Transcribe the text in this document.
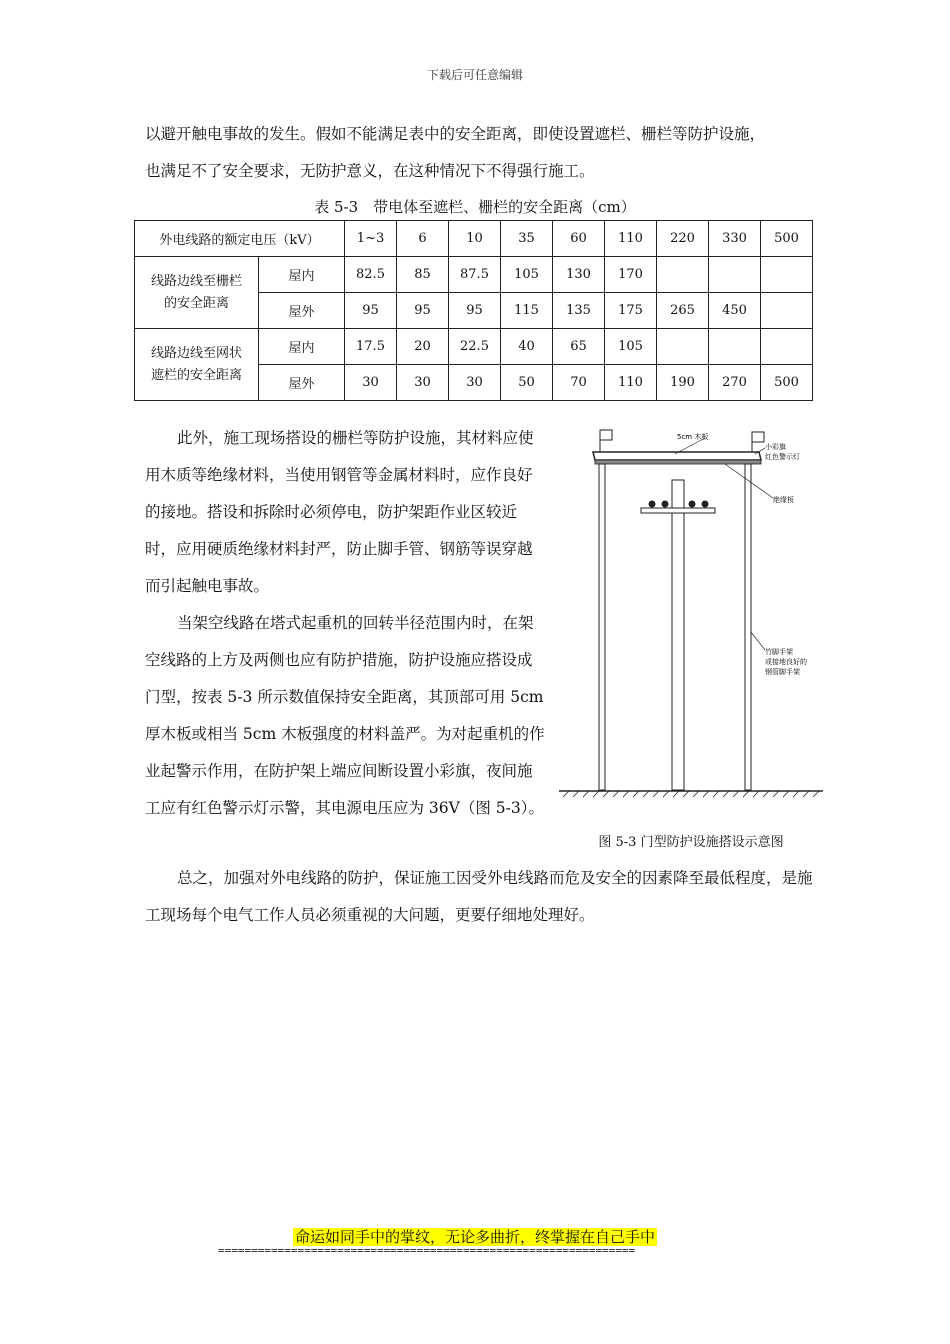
下载后可任意编辑

以避开触电事故的发生。假如不能满足表中的安全距离，即使设置遮栏、栅栏等防护设施，

也满足不了安全要求，无防护意义，在这种情况下不得强行施工。

表 5-3　带电体至遮栏、栅栏的安全距离（cm）
外电线路的额定电压（kV）		1~3	6	10	35	60	110	220	330	500
线路边线至栅栏的安全距离	屋内	82.5	85	87.5	105	130	170			
	屋外	95	95	95	115	135	175	265	450	
线路边线至网状遮栏的安全距离	屋内	17.5	20	22.5	40	65	105			
	屋外	30	30	30	50	70	110	190	270	500

此外，施工现场搭设的栅栏等防护设施，其材料应使用木质等绝缘材料，当使用钢管等金属材料时，应作良好的接地。搭设和拆除时必须停电，防护架距作业区较近时，应用硬质绝缘材料封严，防止脚手管、钢筋等误穿越而引起触电事故。

当架空线路在塔式起重机的回转半径范围内时，在架空线路的上方及两侧也应有防护措施，防护设施应搭设成门型，按表 5-3 所示数值保持安全距离，其顶部可用 5cm 厚木板或相当 5cm 木板强度的材料盖严。为对起重机的作业起警示作用，在防护架上端应间断设置小彩旗，夜间施工应有红色警示灯示警，其电源电压应为 36V（图 5-3）。

5cm 木板
小彩旗
红色警示灯
绝缘板
竹脚手架
或接地良好的
钢管脚手架
图 5-3 门型防护设施搭设示意图

总之，加强对外电线路的防护，保证施工因受外电线路而危及安全的因素降至最低程度，是施工现场每个电气工作人员必须重视的大问题，更要仔细地处理好。

命运如同手中的掌纹，无论多曲折，终掌握在自己手中
===============================================================
